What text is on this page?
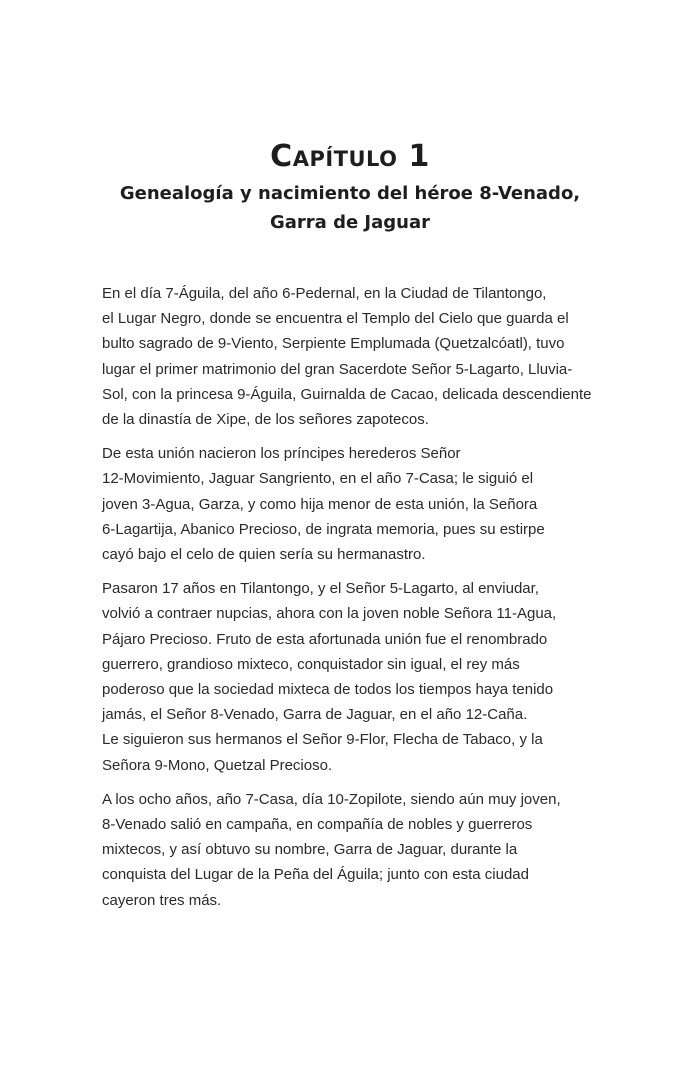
Capítulo 1
Genealogía y nacimiento del héroe 8-Venado,
Garra de Jaguar

En el día 7-Águila, del año 6-Pedernal, en la Ciudad de Tilantongo,
el Lugar Negro, donde se encuentra el Templo del Cielo que guarda el
bulto sagrado de 9-Viento, Serpiente Emplumada (Quetzalcóatl), tuvo
lugar el primer matrimonio del gran Sacerdote Señor 5-Lagarto, Lluvia-
Sol, con la princesa 9-Águila, Guirnalda de Cacao, delicada descendiente
de la dinastía de Xipe, de los señores zapotecos.

De esta unión nacieron los príncipes herederos Señor
12-Movimiento, Jaguar Sangriento, en el año 7-Casa; le siguió el
joven 3-Agua, Garza, y como hija menor de esta unión, la Señora
6-Lagartija, Abanico Precioso, de ingrata memoria, pues su estirpe
cayó bajo el celo de quien sería su hermanastro.

Pasaron 17 años en Tilantongo, y el Señor 5-Lagarto, al enviudar,
volvió a contraer nupcias, ahora con la joven noble Señora 11-Agua,
Pájaro Precioso. Fruto de esta afortunada unión fue el renombrado
guerrero, grandioso mixteco, conquistador sin igual, el rey más
poderoso que la sociedad mixteca de todos los tiempos haya tenido
jamás, el Señor 8-Venado, Garra de Jaguar, en el año 12-Caña.
Le siguieron sus hermanos el Señor 9-Flor, Flecha de Tabaco, y la
Señora 9-Mono, Quetzal Precioso.

A los ocho años, año 7-Casa, día 10-Zopilote, siendo aún muy joven,
8-Venado salió en campaña, en compañía de nobles y guerreros
mixtecos, y así obtuvo su nombre, Garra de Jaguar, durante la
conquista del Lugar de la Peña del Águila; junto con esta ciudad
cayeron tres más.
